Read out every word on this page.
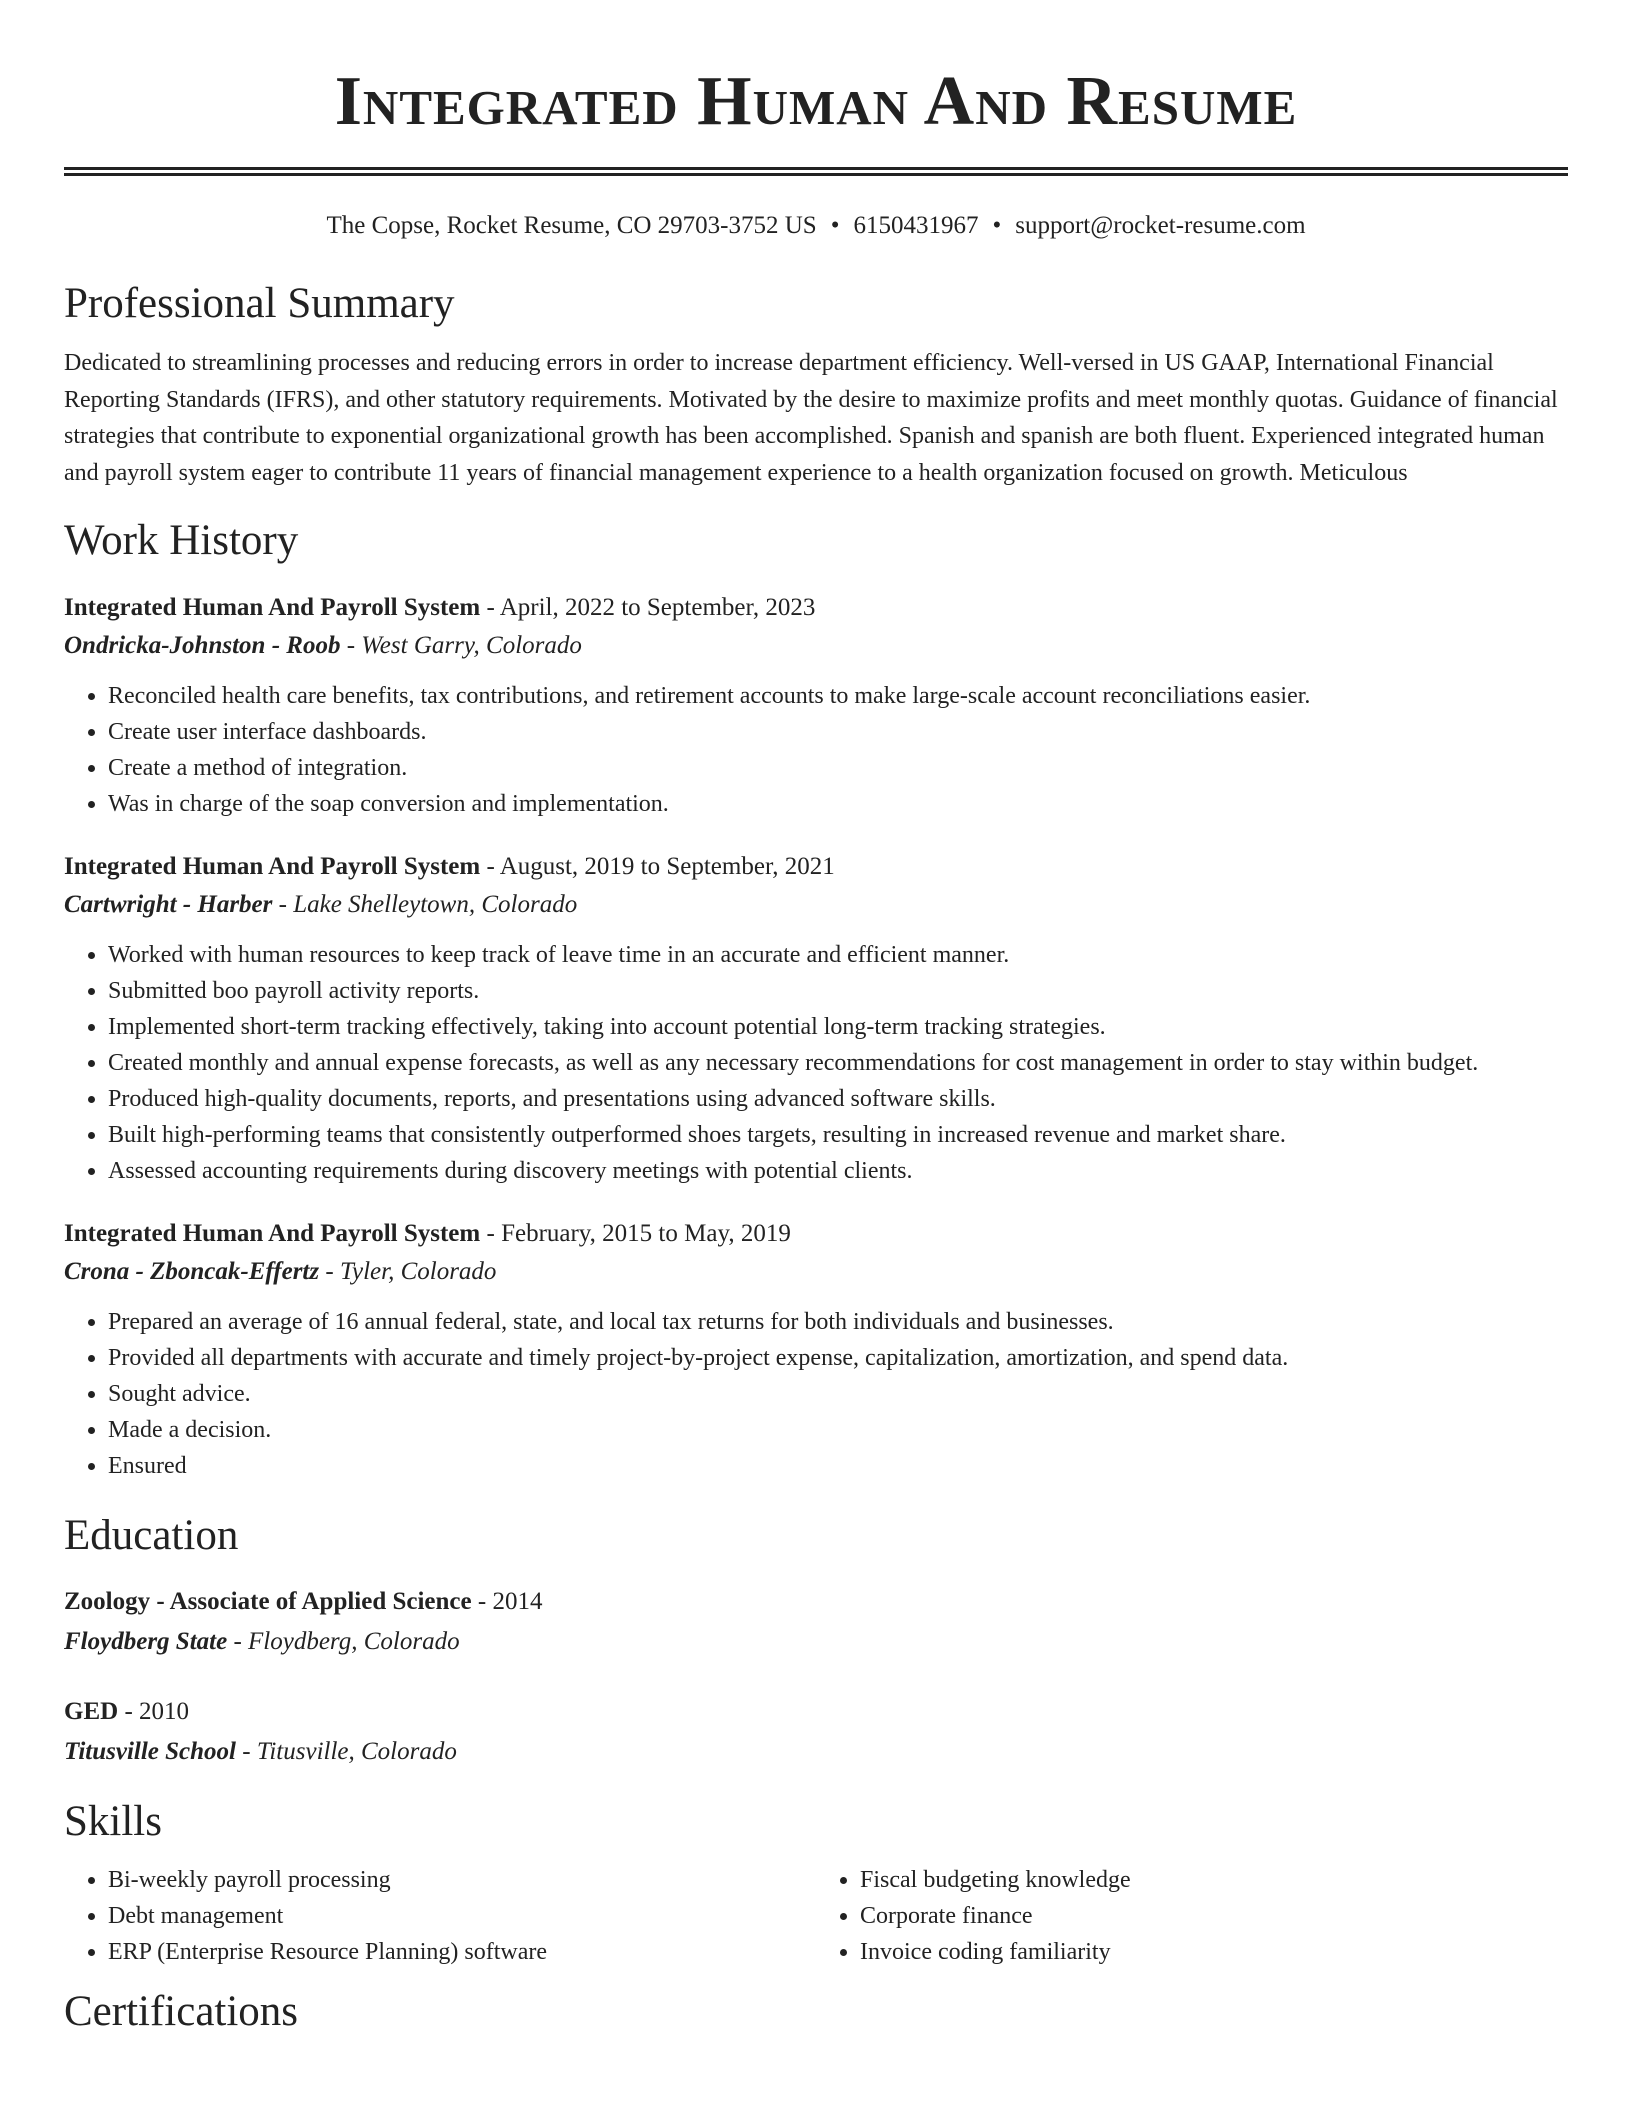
Integrated Human And Resume
The Copse, Rocket Resume, CO 29703-3752 US • 6150431967 • support@rocket-resume.com
Professional Summary
Dedicated to streamlining processes and reducing errors in order to increase department efficiency. Well-versed in US GAAP, International Financial Reporting Standards (IFRS), and other statutory requirements. Motivated by the desire to maximize profits and meet monthly quotas. Guidance of financial strategies that contribute to exponential organizational growth has been accomplished. Spanish and spanish are both fluent. Experienced integrated human and payroll system eager to contribute 11 years of financial management experience to a health organization focused on growth. Meticulous
Work History
Integrated Human And Payroll System - April, 2022 to September, 2023
Ondricka-Johnston - Roob - West Garry, Colorado
• Reconciled health care benefits, tax contributions, and retirement accounts to make large-scale account reconciliations easier.
• Create user interface dashboards.
• Create a method of integration.
• Was in charge of the soap conversion and implementation.
Integrated Human And Payroll System - August, 2019 to September, 2021
Cartwright - Harber - Lake Shelleytown, Colorado
• Worked with human resources to keep track of leave time in an accurate and efficient manner.
• Submitted boo payroll activity reports.
• Implemented short-term tracking effectively, taking into account potential long-term tracking strategies.
• Created monthly and annual expense forecasts, as well as any necessary recommendations for cost management in order to stay within budget.
• Produced high-quality documents, reports, and presentations using advanced software skills.
• Built high-performing teams that consistently outperformed shoes targets, resulting in increased revenue and market share.
• Assessed accounting requirements during discovery meetings with potential clients.
Integrated Human And Payroll System - February, 2015 to May, 2019
Crona - Zboncak-Effertz - Tyler, Colorado
• Prepared an average of 16 annual federal, state, and local tax returns for both individuals and businesses.
• Provided all departments with accurate and timely project-by-project expense, capitalization, amortization, and spend data.
• Sought advice.
• Made a decision.
• Ensured
Education
Zoology - Associate of Applied Science - 2014
Floydberg State - Floydberg, Colorado
GED - 2010
Titusville School - Titusville, Colorado
Skills
• Bi-weekly payroll processing
• Debt management
• ERP (Enterprise Resource Planning) software
• Fiscal budgeting knowledge
• Corporate finance
• Invoice coding familiarity
Certifications
